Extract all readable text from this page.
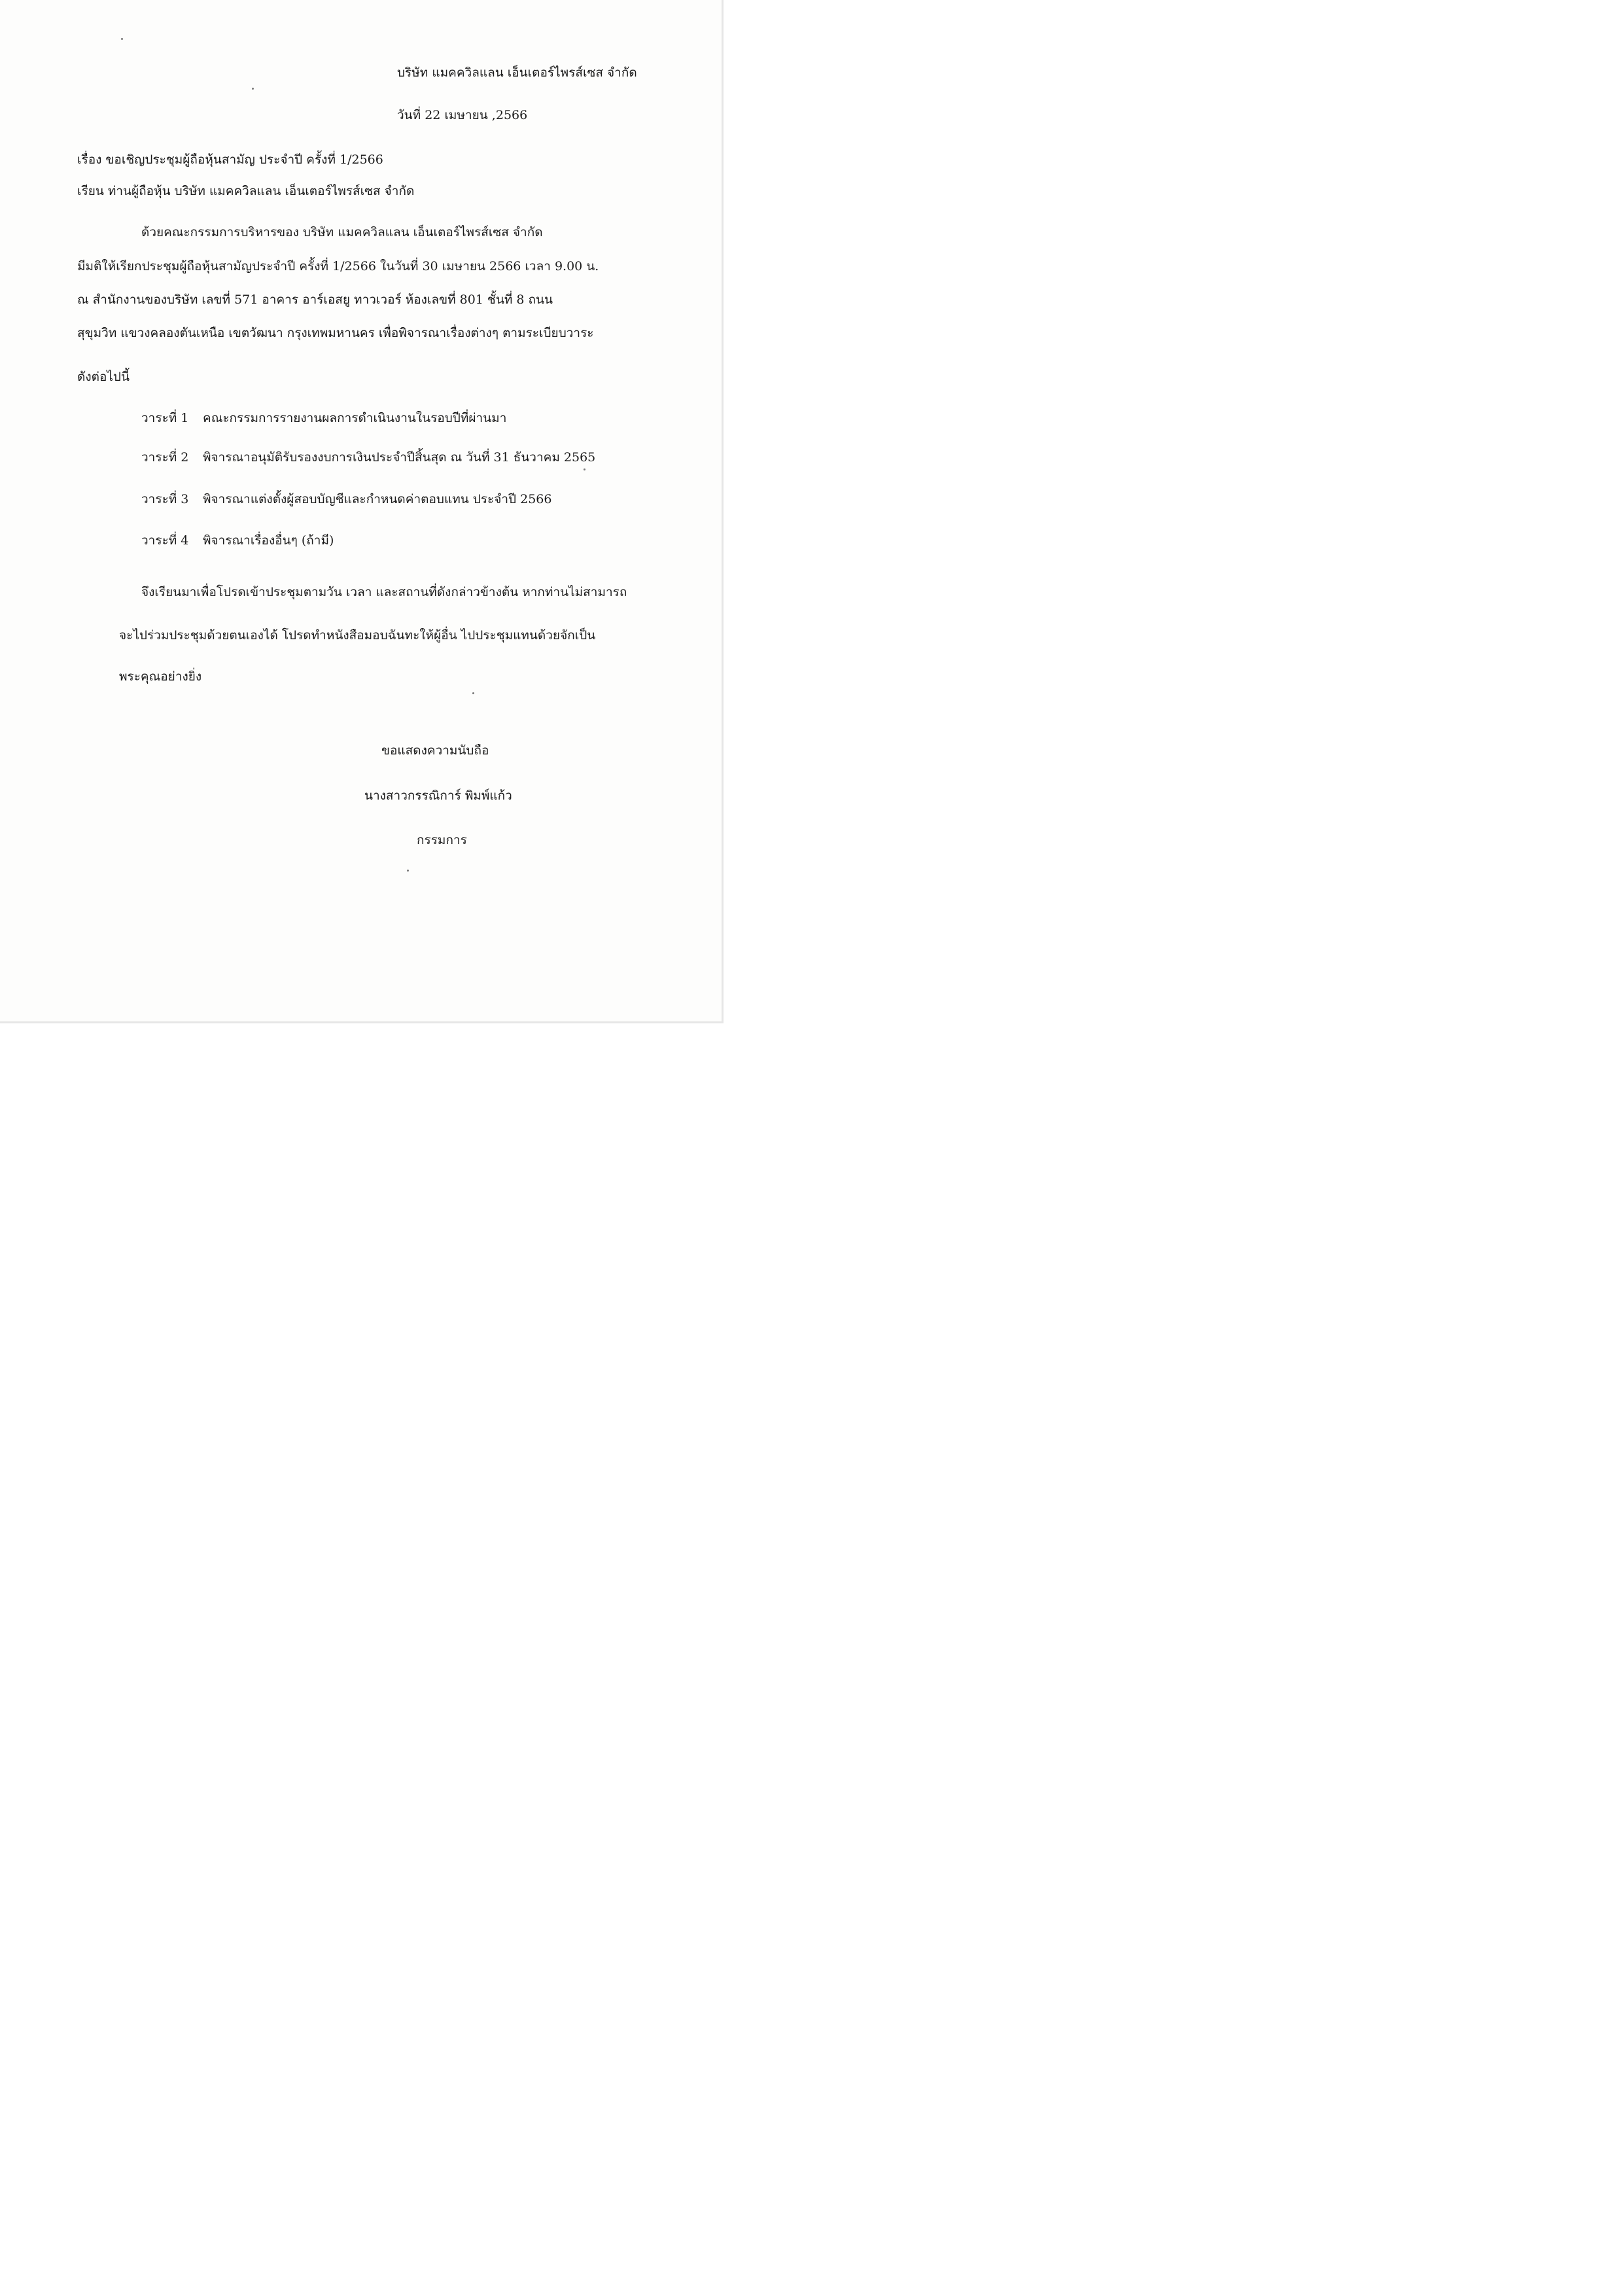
บริษัท แมคควิลแลน เอ็นเตอร์ไพรส์เซส จำกัด
วันที่ 22 เมษายน ,2566
เรื่อง ขอเชิญประชุมผู้ถือหุ้นสามัญ ประจำปี ครั้งที่ 1/2566
เรียน ท่านผู้ถือหุ้น บริษัท แมคควิลแลน เอ็นเตอร์ไพรส์เซส จำกัด
ด้วยคณะกรรมการบริหารของ บริษัท แมคควิลแลน เอ็นเตอร์ไพรส์เซส จำกัด
มีมติให้เรียกประชุมผู้ถือหุ้นสามัญประจำปี ครั้งที่ 1/2566 ในวันที่ 30 เมษายน 2566 เวลา 9.00 น.
ณ สำนักงานของบริษัท เลขที่ 571 อาคาร อาร์เอสยู ทาวเวอร์ ห้องเลขที่ 801 ชั้นที่ 8 ถนน
สุขุมวิท แขวงคลองตันเหนือ เขตวัฒนา กรุงเทพมหานคร เพื่อพิจารณาเรื่องต่างๆ ตามระเบียบวาระ
ดังต่อไปนี้
วาระที่ 1 คณะกรรมการรายงานผลการดำเนินงานในรอบปีที่ผ่านมา
วาระที่ 2 พิจารณาอนุมัติรับรองงบการเงินประจำปีสิ้นสุด ณ วันที่ 31 ธันวาคม 2565
วาระที่ 3 พิจารณาแต่งตั้งผู้สอบบัญชีและกำหนดค่าตอบแทน ประจำปี 2566
วาระที่ 4 พิจารณาเรื่องอื่นๆ (ถ้ามี)
จึงเรียนมาเพื่อโปรดเข้าประชุมตามวัน เวลา และสถานที่ดังกล่าวข้างต้น หากท่านไม่สามารถ
จะไปร่วมประชุมด้วยตนเองได้ โปรดทำหนังสือมอบฉันทะให้ผู้อื่น ไปประชุมแทนด้วยจักเป็น
พระคุณอย่างยิ่ง
ขอแสดงความนับถือ
นางสาวกรรณิการ์ พิมพ์แก้ว
กรรมการ
